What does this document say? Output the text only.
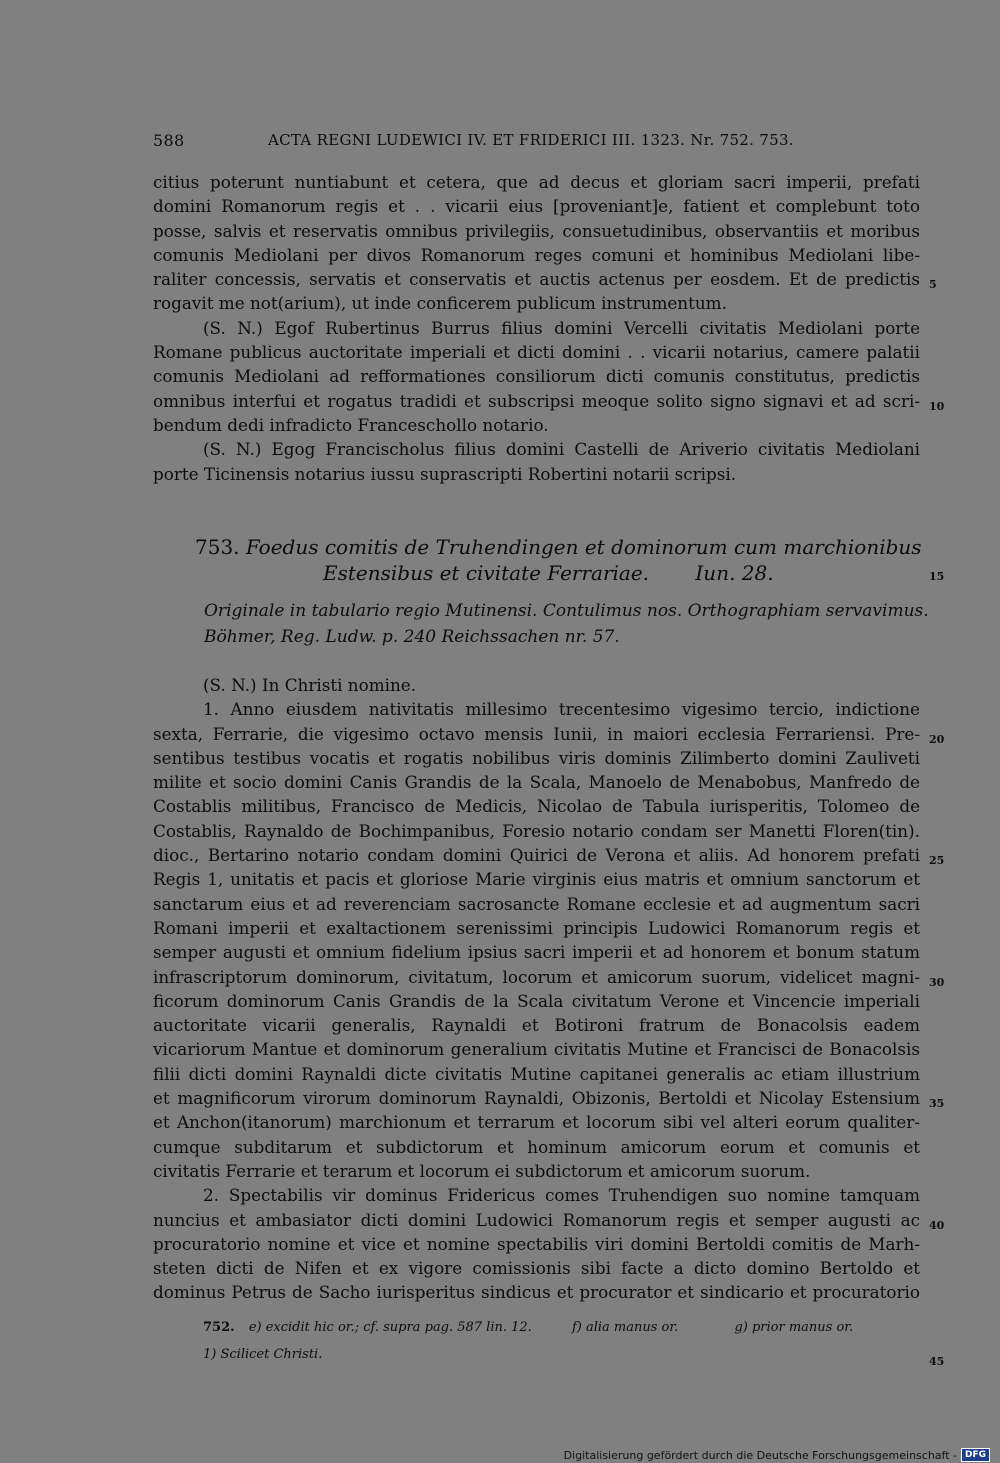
588	ACTA REGNI LUDEWICI IV. ET FRIDERICI III. 1323. Nr. 752. 753.
citius poterunt nuntiabunt et cetera, que ad decus et gloriam sacri imperii, prefati
domini Romanorum regis et . . vicarii eius [proveniant]e, fatient et complebunt toto
posse, salvis et reservatis omnibus privilegiis, consuetudinibus, observantiis et moribus
comunis Mediolani per divos Romanorum reges comuni et hominibus Mediolani libe-
raliter concessis, servatis et conservatis et auctis actenus per eosdem. Et de predictis 5
rogavit me not(arium), ut inde conficerem publicum instrumentum.
(S. N.) Egof Rubertinus Burrus filius domini Vercelli civitatis Mediolani porte
Romane publicus auctoritate imperiali et dicti domini . . vicarii notarius, camere palatii
comunis Mediolani ad refformationes consiliorum dicti comunis constitutus, predictis
omnibus interfui et rogatus tradidi et subscripsi meoque solito signo signavi et ad scri- 10
bendum dedi infradicto Franceschollo notario.
(S. N.) Egog Francischolus filius domini Castelli de Ariverio civitatis Mediolani
porte Ticinensis notarius iussu suprascripti Robertini notarii scripsi.
753. Foedus comitis de Truhendingen et dominorum cum marchionibus
Estensibus et civitate Ferrariae. Iun. 28.	15
Originale in tabulario regio Mutinensi. Contulimus nos. Orthographiam servavimus.
Böhmer, Reg. Ludw. p. 240 Reichssachen nr. 57.
(S. N.) In Christi nomine.
1. Anno eiusdem nativitatis millesimo trecentesimo vigesimo tercio, indictione
sexta, Ferrarie, die vigesimo octavo mensis Iunii, in maiori ecclesia Ferrariensi. Pre- 20
sentibus testibus vocatis et rogatis nobilibus viris dominis Zilimberto domini Zauliveti
milite et socio domini Canis Grandis de la Scala, Manoelo de Menabobus, Manfredo de
Costablis militibus, Francisco de Medicis, Nicolao de Tabula iurisperitis, Tolomeo de
Costablis, Raynaldo de Bochimpanibus, Foresio notario condam ser Manetti Floren(tin).
dioc., Bertarino notario condam domini Quirici de Verona et aliis. Ad honorem prefati 25
Regis 1, unitatis et pacis et gloriose Marie virginis eius matris et omnium sanctorum et
sanctarum eius et ad reverenciam sacrosancte Romane ecclesie et ad augmentum sacri
Romani imperii et exaltactionem serenissimi principis Ludowici Romanorum regis et
semper augusti et omnium fidelium ipsius sacri imperii et ad honorem et bonum statum
infrascriptorum dominorum, civitatum, locorum et amicorum suorum, videlicet magni- 30
ficorum dominorum Canis Grandis de la Scala civitatum Verone et Vincencie imperiali
auctoritate vicarii generalis, Raynaldi et Botironi fratrum de Bonacolsis eadem
vicariorum Mantue et dominorum generalium civitatis Mutine et Francisci de Bonacolsis
filii dicti domini Raynaldi dicte civitatis Mutine capitanei generalis ac etiam illustrium
et magnificorum virorum dominorum Raynaldi, Obizonis, Bertoldi et Nicolay Estensium 35
et Anchon(itanorum) marchionum et terrarum et locorum sibi vel alteri eorum qualiter-
cumque subditarum et subdictorum et hominum amicorum eorum et comunis et
civitatis Ferrarie et terarum et locorum ei subdictorum et amicorum suorum.
2. Spectabilis vir dominus Fridericus comes Truhendigen suo nomine tamquam
nuncius et ambasiator dicti domini Ludowici Romanorum regis et semper augusti ac 40
procuratorio nomine et vice et nomine spectabilis viri domini Bertoldi comitis de Marh-
steten dicti de Nifen et ex vigore comissionis sibi facte a dicto domino Bertoldo et
dominus Petrus de Sacho iurisperitus sindicus et procurator et sindicario et procuratorio
752. e) excidit hic or.; cf. supra pag. 587 lin. 12.	f) alia manus or.	g) prior manus or.
1) Scilicet Christi.	45
Digitalisierung gefördert durch die Deutsche Forschungsgemeinschaft - DFG
